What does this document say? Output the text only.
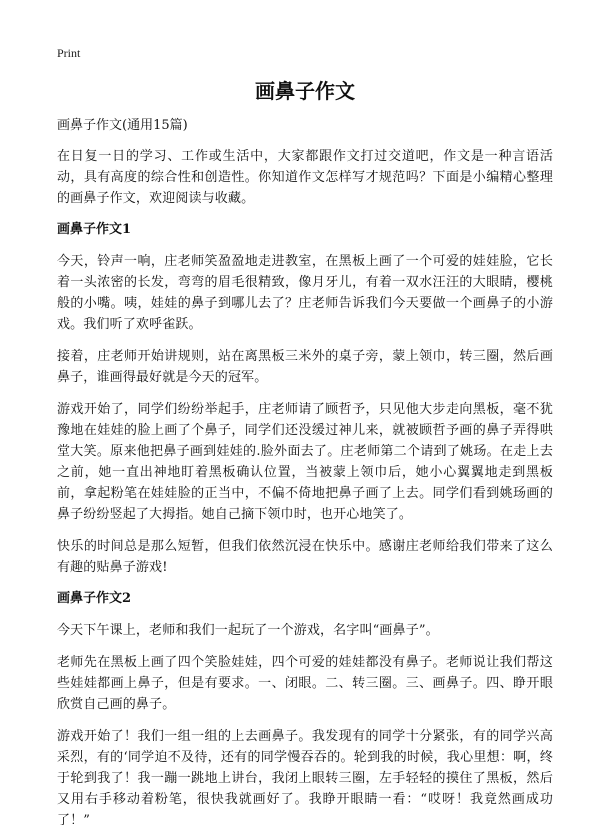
Print
画鼻子作文
画鼻子作文(通用15篇)

在日复一日的学习、工作或生活中，大家都跟作文打过交道吧，作文是一种言语活动，具有高度的综合性和创造性。你知道作文怎样写才规范吗？下面是小编精心整理的画鼻子作文，欢迎阅读与收藏。

画鼻子作文1

今天，铃声一响，庄老师笑盈盈地走进教室，在黑板上画了一个可爱的娃娃脸，它长着一头浓密的长发，弯弯的眉毛很精致，像月牙儿，有着一双水汪汪的大眼睛，樱桃般的小嘴。咦，娃娃的鼻子到哪儿去了？庄老师告诉我们今天要做一个画鼻子的小游戏。我们听了欢呼雀跃。

接着，庄老师开始讲规则，站在离黑板三米外的桌子旁，蒙上领巾，转三圈，然后画鼻子，谁画得最好就是今天的冠军。

游戏开始了，同学们纷纷举起手，庄老师请了顾哲予，只见他大步走向黑板，毫不犹豫地在娃娃的脸上画了个鼻子，同学们还没缓过神儿来，就被顾哲予画的鼻子弄得哄堂大笑。原来他把鼻子画到娃娃的.脸外面去了。庄老师第二个请到了姚玚。在走上去之前，她一直出神地盯着黑板确认位置，当被蒙上领巾后，她小心翼翼地走到黑板前，拿起粉笔在娃娃脸的正当中，不偏不倚地把鼻子画了上去。同学们看到姚玚画的鼻子纷纷竖起了大拇指。她自己摘下领巾时，也开心地笑了。

快乐的时间总是那么短暂，但我们依然沉浸在快乐中。感谢庄老师给我们带来了这么有趣的贴鼻子游戏!

画鼻子作文2

今天下午课上，老师和我们一起玩了一个游戏，名字叫“画鼻子”。

老师先在黑板上画了四个笑脸娃娃，四个可爱的娃娃都没有鼻子。老师说让我们帮这些娃娃都画上鼻子，但是有要求。一、闭眼。二、转三圈。三、画鼻子。四、睁开眼欣赏自己画的鼻子。

游戏开始了！我们一组一组的上去画鼻子。我发现有的同学十分紧张，有的同学兴高采烈，有的‘同学迫不及待，还有的同学慢吞吞的。轮到我的时候，我心里想：啊，终于轮到我了！我一蹦一跳地上讲台，我闭上眼转三圈，左手轻轻的摸住了黑板，然后又用右手移动着粉笔，很快我就画好了。我睁开眼睛一看：“哎呀！我竟然画成功了！”
